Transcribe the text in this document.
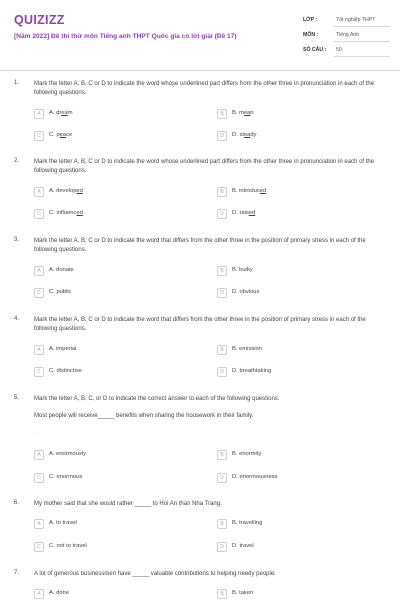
QUIZIZZ
[Năm 2022] Đề thi thử môn Tiếng anh THPT Quốc gia có lời giải (Đề 17)
LỚP :	Tốt nghiệp THPT
MÔN :	Tiếng Anh
SỐ CÂU : 50
1. Mark the letter A, B, C or D to indicate the word whose underlined part differs from the other three in pronunciation in each of the following questions.
A	A. dream	B	B. mean
C	C. peace	D	D. steady
2. Mark the letter A, B, C or D to indicate the word whose underlined part differs from the other three in pronunciation in each of the following questions.
A	A. developed	B	B. introduced
C	C. influenced	D	D. raised
3. Mark the letter A, B, C or D to indicate the word that differs from the other three in the position of primary stress in each of the following questions.
A	A. donate	B	B. bulky
C	C. public	D	D. obvious
4. Mark the letter A, B, C or D to indicate the word that differs from the other three in the position of primary stress in each of the following questions.
A	A. imperial	B	B. emission
C	C. distinctive	D	D. breathtaking
5. Mark the letter A, B, C, or D to indicate the correct answer to each of the following questions.
Most people will receive_____ benefits when sharing the housework in their family.
.
A	A. enormously	B	B. enormity
C	C. enormous	D	D. enormousness
6. My mother said that she would rather _____ to Hoi An than Nha Trang.
A	A. to travel	B	B. travelling
C	C. not to travel	D	D. travel
7. A lot of generous businessmen have _____ valuable contributions to helping needy people.
A	A. done	B	B. taken
